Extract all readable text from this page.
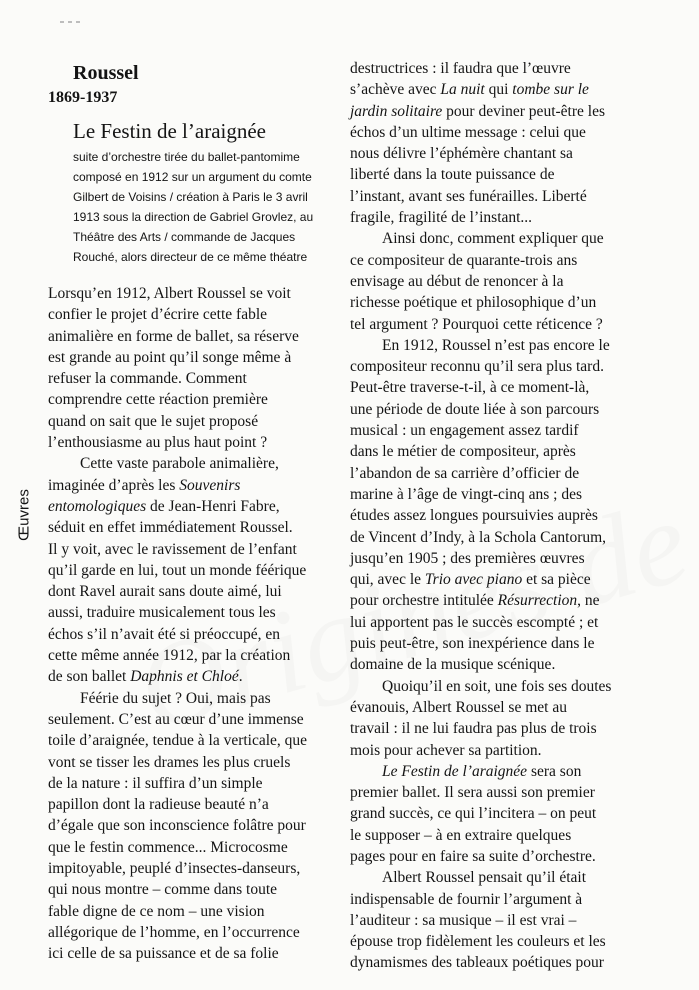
Œuvres
Roussel

1869-1937

Le Festin de l’araignée
suite d’orchestre tirée du ballet-pantomime
composé en 1912 sur un argument du comte
Gilbert de Voisins / création à Paris le 3 avril
1913 sous la direction de Gabriel Grovlez, au
Théâtre des Arts / commande de Jacques
Rouché, alors directeur de ce même théatre
Lorsqu’en 1912, Albert Roussel se voit
confier le projet d’écrire cette fable
animalière en forme de ballet, sa réserve
est grande au point qu’il songe même à
refuser la commande. Comment
comprendre cette réaction première
quand on sait que le sujet proposé
l’enthousiasme au plus haut point ?
Cette vaste parabole animalière,
imaginée d’après les Souvenirs
entomologiques de Jean-Henri Fabre,
séduit en effet immédiatement Roussel.
Il y voit, avec le ravissement de l’enfant
qu’il garde en lui, tout un monde féérique
dont Ravel aurait sans doute aimé, lui
aussi, traduire musicalement tous les
échos s’il n’avait été si préoccupé, en
cette même année 1912, par la création
de son ballet Daphnis et Chloé.
Féérie du sujet ? Oui, mais pas
seulement. C’est au cœur d’une immense
toile d’araignée, tendue à la verticale, que
vont se tisser les drames les plus cruels
de la nature : il suffira d’un simple
papillon dont la radieuse beauté n’a
d’égale que son inconscience folâtre pour
que le festin commence... Microcosme
impitoyable, peuplé d’insectes-danseurs,
qui nous montre – comme dans toute
fable digne de ce nom – une vision
allégorique de l’homme, en l’occurrence
ici celle de sa puissance et de sa folie
destructrices : il faudra que l’œuvre
s’achève avec La nuit qui tombe sur le
jardin solitaire pour deviner peut-être les
échos d’un ultime message : celui que
nous délivre l’éphémère chantant sa
liberté dans la toute puissance de
l’instant, avant ses funérailles. Liberté
fragile, fragilité de l’instant...
Ainsi donc, comment expliquer que
ce compositeur de quarante-trois ans
envisage au début de renoncer à la
richesse poétique et philosophique d’un
tel argument ? Pourquoi cette réticence ?
En 1912, Roussel n’est pas encore le
compositeur reconnu qu’il sera plus tard.
Peut-être traverse-t-il, à ce moment-là,
une période de doute liée à son parcours
musical : un engagement assez tardif
dans le métier de compositeur, après
l’abandon de sa carrière d’officier de
marine à l’âge de vingt-cinq ans ; des
études assez longues poursuivies auprès
de Vincent d’Indy, à la Schola Cantorum,
jusqu’en 1905 ; des premières œuvres
qui, avec le Trio avec piano et sa pièce
pour orchestre intitulée Résurrection, ne
lui apportent pas le succès escompté ; et
puis peut-être, son inexpérience dans le
domaine de la musique scénique.
Quoiqu’il en soit, une fois ses doutes
évanouis, Albert Roussel se met au
travail : il ne lui faudra pas plus de trois
mois pour achever sa partition.
Le Festin de l’araignée sera son
premier ballet. Il sera aussi son premier
grand succès, ce qui l’incitera – on peut
le supposer – à en extraire quelques
pages pour en faire sa suite d’orchestre.
Albert Roussel pensait qu’il était
indispensable de fournir l’argument à
l’auditeur : sa musique – il est vrai –
épouse trop fidèlement les couleurs et les
dynamismes des tableaux poétiques pour
